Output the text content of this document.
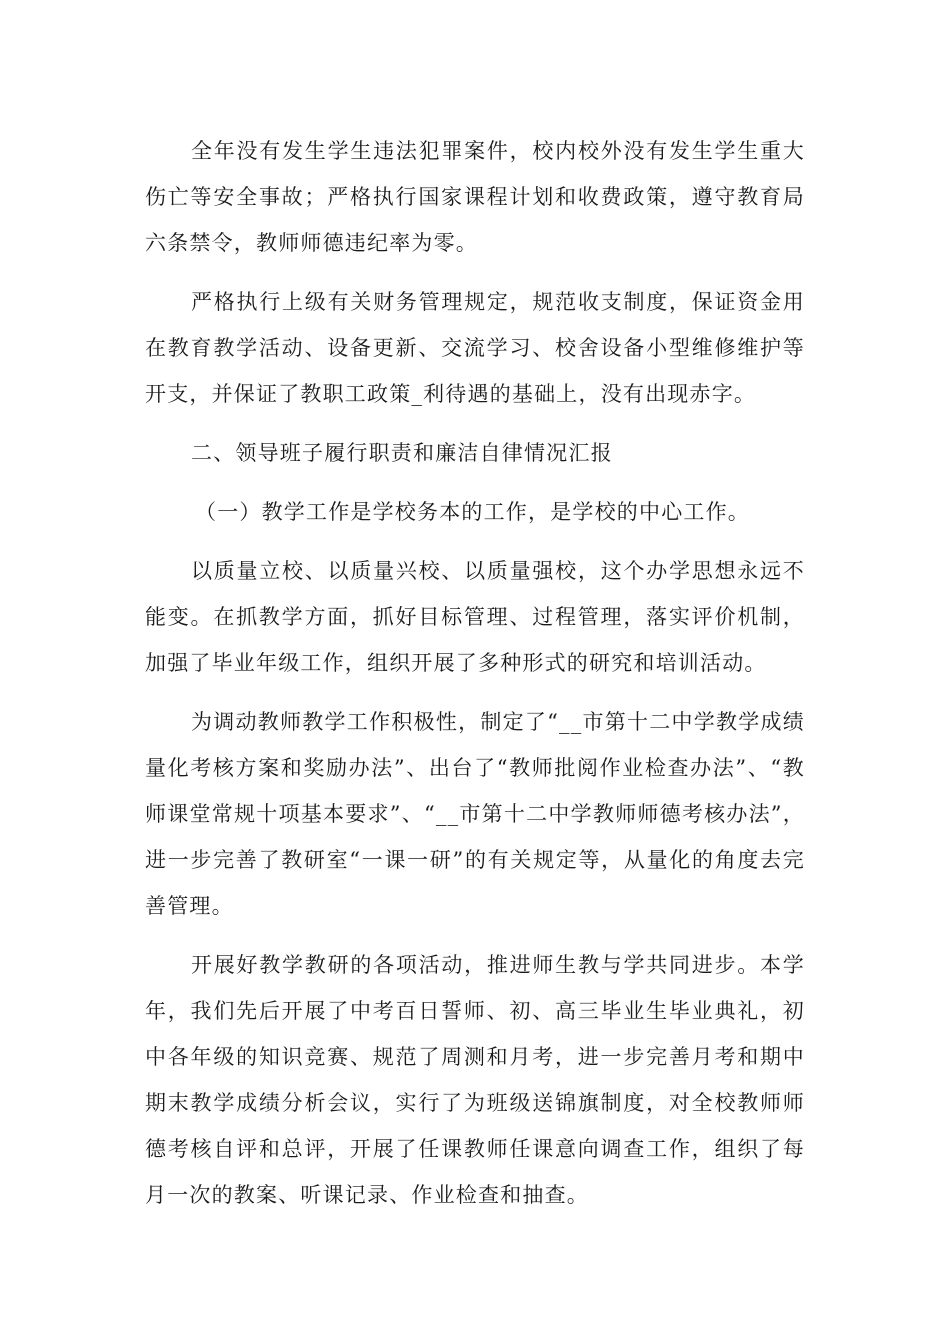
全年没有发生学生违法犯罪案件，校内校外没有发生学生重大伤亡等安全事故；严格执行国家课程计划和收费政策，遵守教育局六条禁令，教师师德违纪率为零。

严格执行上级有关财务管理规定，规范收支制度，保证资金用在教育教学活动、设备更新、交流学习、校舍设备小型维修维护等开支，并保证了教职工政策_利待遇的基础上，没有出现赤字。

二、领导班子履行职责和廉洁自律情况汇报

（一）教学工作是学校务本的工作，是学校的中心工作。

以质量立校、以质量兴校、以质量强校，这个办学思想永远不能变。在抓教学方面，抓好目标管理、过程管理，落实评价机制，加强了毕业年级工作，组织开展了多种形式的研究和培训活动。

为调动教师教学工作积极性，制定了“__市第十二中学教学成绩量化考核方案和奖励办法”、出台了“教师批阅作业检查办法”、“教师课堂常规十项基本要求”、“__市第十二中学教师师德考核办法”，进一步完善了教研室“一课一研”的有关规定等，从量化的角度去完善管理。

开展好教学教研的各项活动，推进师生教与学共同进步。本学年，我们先后开展了中考百日誓师、初、高三毕业生毕业典礼，初中各年级的知识竞赛、规范了周测和月考，进一步完善月考和期中期末教学成绩分析会议，实行了为班级送锦旗制度，对全校教师师德考核自评和总评，开展了任课教师任课意向调查工作，组织了每月一次的教案、听课记录、作业检查和抽查。
